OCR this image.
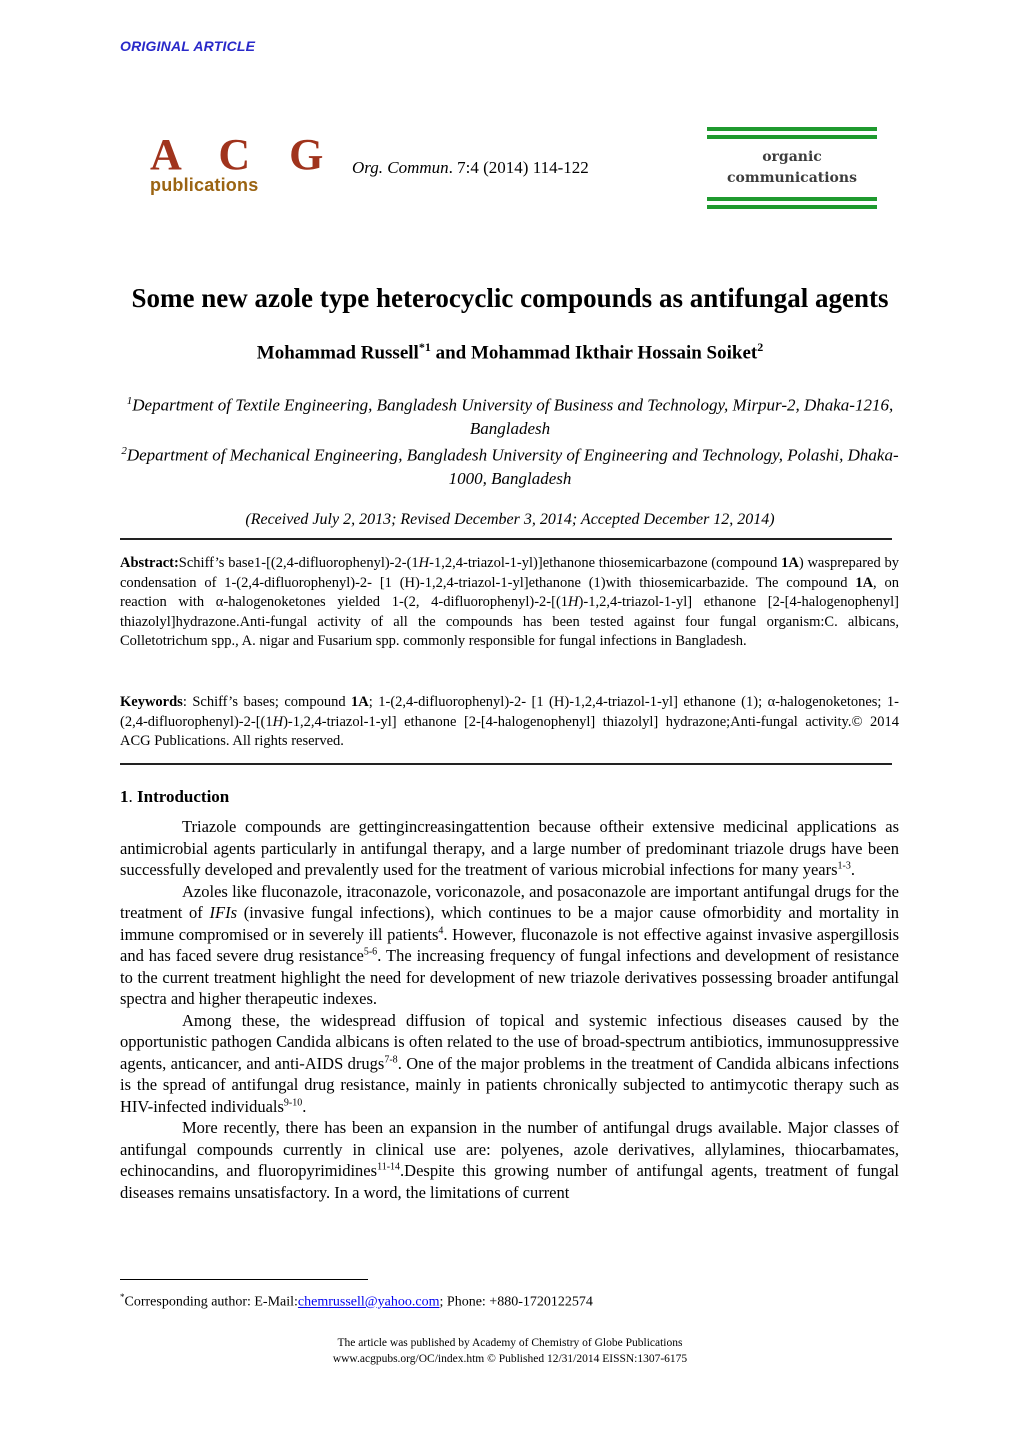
ORIGINAL ARTICLE
A C G
publications
Org. Commun. 7:4 (2014) 114-122
organic
communications
Some new azole type heterocyclic compounds as antifungal agents
Mohammad Russell$^{*1}$ and Mohammad Ikthair Hossain Soiket$^2$
$^1$Department of Textile Engineering, Bangladesh University of Business and Technology, Mirpur-2, Dhaka-1216, Bangladesh
$^2$Department of Mechanical Engineering, Bangladesh University of Engineering and Technology, Polashi, Dhaka-1000, Bangladesh
(Received July 2, 2013; Revised December 3, 2014; Accepted December 12, 2014)
Abstract:Schiff’s base1-[(2,4-difluorophenyl)-2-(1H-1,2,4-triazol-1-yl)]ethanone thiosemicarbazone (compound 1A) wasprepared by condensation of 1-(2,4-difluorophenyl)-2- [1 (H)-1,2,4-triazol-1-yl]ethanone (1)with thiosemicarbazide. The compound 1A, on reaction with α-halogenoketones yielded 1-(2, 4-difluorophenyl)-2-[(1H)-1,2,4-triazol-1-yl] ethanone [2-[4-halogenophenyl] thiazolyl]hydrazone.Anti-fungal activity of all the compounds has been tested against four fungal organism:C. albicans, Colletotrichum spp., A. nigar and Fusarium spp. commonly responsible for fungal infections in Bangladesh.
Keywords: Schiff’s bases; compound 1A; 1-(2,4-difluorophenyl)-2- [1 (H)-1,2,4-triazol-1-yl] ethanone (1); α-halogenoketones; 1-(2,4-difluorophenyl)-2-[(1H)-1,2,4-triazol-1-yl] ethanone [2-[4-halogenophenyl] thiazolyl] hydrazone;Anti-fungal activity.© 2014 ACG Publications. All rights reserved.
1. Introduction

Triazole compounds are gettingincreasingattention because oftheir extensive medicinal applications as antimicrobial agents particularly in antifungal therapy, and a large number of predominant triazole drugs have been successfully developed and prevalently used for the treatment of various microbial infections for many years$^{1-3}$.

Azoles like fluconazole, itraconazole, voriconazole, and posaconazole are important antifungal drugs for the treatment of IFIs (invasive fungal infections), which continues to be a major cause ofmorbidity and mortality in immune compromised or in severely ill patients$^4$. However, fluconazole is not effective against invasive aspergillosis and has faced severe drug resistance$^{5-6}$. The increasing frequency of fungal infections and development of resistance to the current treatment highlight the need for development of new triazole derivatives possessing broader antifungal spectra and higher therapeutic indexes.

Among these, the widespread diffusion of topical and systemic infectious diseases caused by the opportunistic pathogen Candida albicans is often related to the use of broad-spectrum antibiotics, immunosuppressive agents, anticancer, and anti-AIDS drugs$^{7-8}$. One of the major problems in the treatment of Candida albicans infections is the spread of antifungal drug resistance, mainly in patients chronically subjected to antimycotic therapy such as HIV-infected individuals$^{9-10}$.

More recently, there has been an expansion in the number of antifungal drugs available. Major classes of antifungal compounds currently in clinical use are: polyenes, azole derivatives, allylamines, thiocarbamates, echinocandins, and fluoropyrimidines$^{11-14}$.Despite this growing number of antifungal agents, treatment of fungal diseases remains unsatisfactory. In a word, the limitations of current

*Corresponding author: E-Mail:chemrussell@yahoo.com; Phone: +880-1720122574
The article was published by Academy of Chemistry of Globe Publications
www.acgpubs.org/OC/index.htm © Published 12/31/2014 EISSN:1307-6175
